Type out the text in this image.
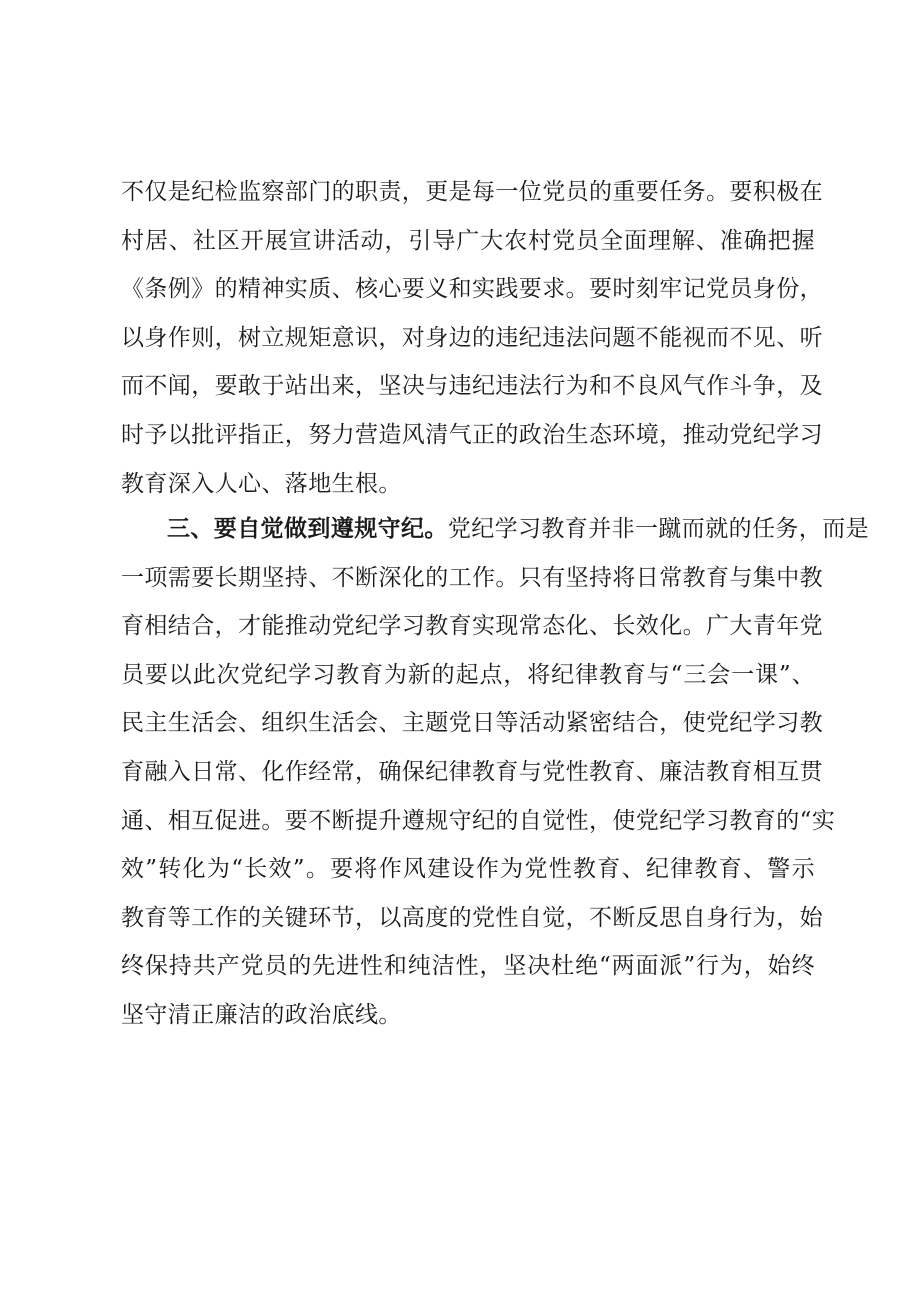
不仅是纪检监察部门的职责，更是每一位党员的重要任务。要积极在
村居、社区开展宣讲活动，引导广大农村党员全面理解、准确把握
《条例》的精神实质、核心要义和实践要求。要时刻牢记党员身份，
以身作则，树立规矩意识，对身边的违纪违法问题不能视而不见、听
而不闻，要敢于站出来，坚决与违纪违法行为和不良风气作斗争，及
时予以批评指正，努力营造风清气正的政治生态环境，推动党纪学习
教育深入人心、落地生根。
三、要自觉做到遵规守纪。党纪学习教育并非一蹴而就的任务，而是
一项需要长期坚持、不断深化的工作。只有坚持将日常教育与集中教
育相结合，才能推动党纪学习教育实现常态化、长效化。广大青年党
员要以此次党纪学习教育为新的起点，将纪律教育与“三会一课”、
民主生活会、组织生活会、主题党日等活动紧密结合，使党纪学习教
育融入日常、化作经常，确保纪律教育与党性教育、廉洁教育相互贯
通、相互促进。要不断提升遵规守纪的自觉性，使党纪学习教育的“实
效”转化为“长效”。要将作风建设作为党性教育、纪律教育、警示
教育等工作的关键环节，以高度的党性自觉，不断反思自身行为，始
终保持共产党员的先进性和纯洁性，坚决杜绝“两面派”行为，始终
坚守清正廉洁的政治底线。
